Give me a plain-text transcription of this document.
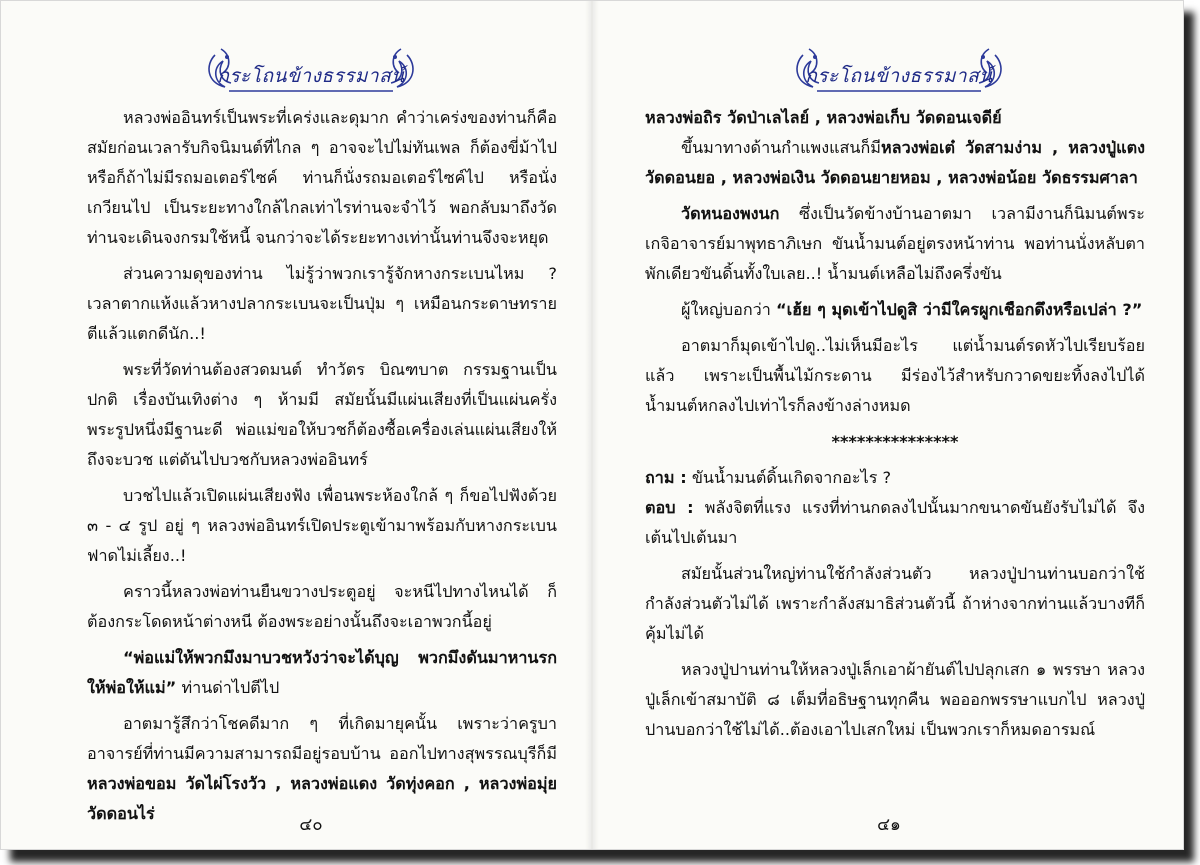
กระโถนข้างธรรมาสน์

หลวงพ่ออินทร์เป็นพระที่เคร่งและดุมาก คำว่าเคร่งของท่านก็คือ สมัยก่อนเวลารับกิจนิมนต์ที่ไกล ๆ อาจจะไปไม่ทันเพล ก็ต้องขี่ม้าไป หรือก็ถ้าไม่มีรถมอเตอร์ไซค์ ท่านก็นั่งรถมอเตอร์ไซค์ไป หรือนั่งเกวียนไป เป็นระยะทางใกล้ไกลเท่าไรท่านจะจำไว้ พอกลับมาถึงวัด ท่านจะเดินจงกรมใช้หนี้ จนกว่าจะได้ระยะทางเท่านั้นท่านจึงจะหยุด

ส่วนความดุของท่าน ไม่รู้ว่าพวกเรารู้จักหางกระเบนไหม ? เวลาตากแห้งแล้วหางปลากระเบนจะเป็นปุ่ม ๆ เหมือนกระดาษทราย ตีแล้วแตกดีนัก..!

พระที่วัดท่านต้องสวดมนต์ ทำวัตร บิณฑบาต กรรมฐานเป็นปกติ เรื่องบันเทิงต่าง ๆ ห้ามมี สมัยนั้นมีแผ่นเสียงที่เป็นแผ่นครั่ง พระรูปหนึ่งมีฐานะดี พ่อแม่ขอให้บวชก็ต้องซื้อเครื่องเล่นแผ่นเสียงให้ถึงจะบวช แต่ดันไปบวชกับหลวงพ่ออินทร์

บวชไปแล้วเปิดแผ่นเสียงฟัง เพื่อนพระห้องใกล้ ๆ ก็ขอไปฟังด้วย ๓ - ๔ รูป อยู่ ๆ หลวงพ่ออินทร์เปิดประตูเข้ามาพร้อมกับหางกระเบน ฟาดไม่เลี้ยง..!

คราวนี้หลวงพ่อท่านยืนขวางประตูอยู่ จะหนีไปทางไหนได้ ก็ต้องกระโดดหน้าต่างหนี ต้องพระอย่างนั้นถึงจะเอาพวกนี้อยู่

“พ่อแม่ให้พวกมึงมาบวชหวังว่าจะได้บุญ พวกมึงดันมาหานรกให้พ่อให้แม่” ท่านด่าไปตีไป

อาตมารู้สึกว่าโชคดีมาก ๆ ที่เกิดมายุคนั้น เพราะว่าครูบาอาจารย์ที่ท่านมีความสามารถมีอยู่รอบบ้าน ออกไปทางสุพรรณบุรีก็มี หลวงพ่อขอม วัดไผ่โรงวัว , หลวงพ่อแดง วัดทุ่งคอก , หลวงพ่อมุ่ย วัดดอนไร่

๔๐
กระโถนข้างธรรมาสน์

หลวงพ่อถิร วัดป่าเลไลย์ , หลวงพ่อเก็บ วัดดอนเจดีย์

ขึ้นมาทางด้านกำแพงแสนก็มีหลวงพ่อเต๋ วัดสามง่าม , หลวงปู่แตง วัดดอนยอ , หลวงพ่อเงิน วัดดอนยายหอม , หลวงพ่อน้อย วัดธรรมศาลา

วัดหนองพงนก ซึ่งเป็นวัดข้างบ้านอาตมา เวลามีงานก็นิมนต์พระเกจิอาจารย์มาพุทธาภิเษก ขันน้ำมนต์อยู่ตรงหน้าท่าน พอท่านนั่งหลับตาพักเดียวขันดิ้นทั้งใบเลย..! น้ำมนต์เหลือไม่ถึงครึ่งขัน

ผู้ใหญ่บอกว่า “เฮ้ย ๆ มุดเข้าไปดูสิ ว่ามีใครผูกเชือกดึงหรือเปล่า ?”

อาตมาก็มุดเข้าไปดู..ไม่เห็นมีอะไร แต่น้ำมนต์รดหัวไปเรียบร้อยแล้ว เพราะเป็นพื้นไม้กระดาน มีร่องไว้สำหรับกวาดขยะทิ้งลงไปได้ น้ำมนต์หกลงไปเท่าไรก็ลงข้างล่างหมด

***************

ถาม : ขันน้ำมนต์ดิ้นเกิดจากอะไร ?

ตอบ : พลังจิตที่แรง แรงที่ท่านกดลงไปนั้นมากขนาดขันยังรับไม่ได้ จึงเต้นไปเต้นมา

สมัยนั้นส่วนใหญ่ท่านใช้กำลังส่วนตัว หลวงปู่ปานท่านบอกว่าใช้กำลังส่วนตัวไม่ได้ เพราะกำลังสมาธิส่วนตัวนี้ ถ้าห่างจากท่านแล้วบางทีก็คุ้มไม่ได้

หลวงปู่ปานท่านให้หลวงปู่เล็กเอาผ้ายันต์ไปปลุกเสก ๑ พรรษา หลวงปู่เล็กเข้าสมาบัติ ๘ เต็มที่อธิษฐานทุกคืน พอออกพรรษาแบกไป หลวงปู่ปานบอกว่าใช้ไม่ได้..ต้องเอาไปเสกใหม่ เป็นพวกเราก็หมดอารมณ์

๔๑
